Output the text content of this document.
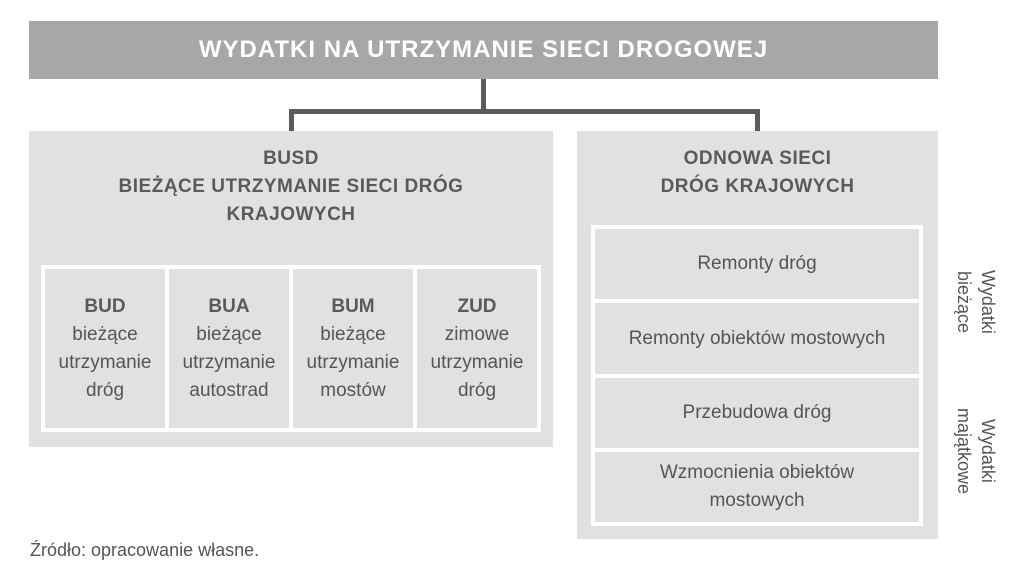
WYDATKI NA UTRZYMANIE SIECI DROGOWEJ
BUSD
BIEŻĄCE UTRZYMANIE SIECI DRÓG
KRAJOWYCH
BUD
bieżące
utrzymanie
dróg
BUA
bieżące
utrzymanie
autostrad
BUM
bieżące
utrzymanie
mostów
ZUD
zimowe
utrzymanie
dróg
ODNOWA SIECI
DRÓG KRAJOWYCH
Remonty dróg
Remonty obiektów mostowych
Przebudowa dróg
Wzmocnienia obiektów
mostowych
Wydatki
bieżące
Wydatki
majątkowe
Źródło: opracowanie własne.
